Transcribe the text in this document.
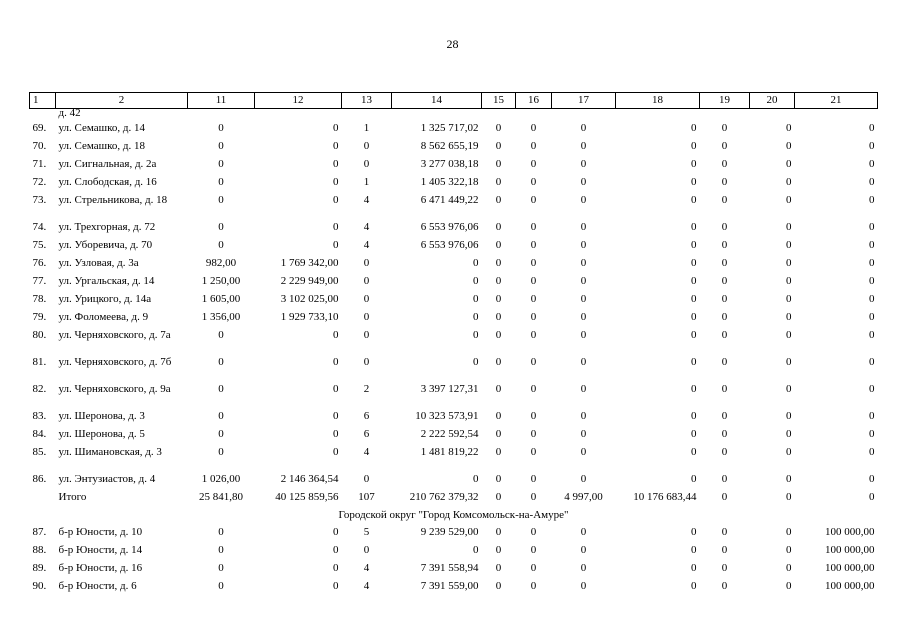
28
1	2	11	12	13	14	15	16	17	18	19	20	21
	д. 42											
69.	ул. Семашко, д. 14	0	0	1	1 325 717,02	0	0	0	0	0	0	0
70.	ул. Семашко, д. 18	0	0	0	8 562 655,19	0	0	0	0	0	0	0
71.	ул. Сигнальная, д. 2а	0	0	0	3 277 038,18	0	0	0	0	0	0	0
72.	ул. Слободская, д. 16	0	0	1	1 405 322,18	0	0	0	0	0	0	0
73.	ул. Стрельникова, д. 18	0	0	4	6 471 449,22	0	0	0	0	0	0	0
74.	ул. Трехгорная, д. 72	0	0	4	6 553 976,06	0	0	0	0	0	0	0
75.	ул. Уборевича, д. 70	0	0	4	6 553 976,06	0	0	0	0	0	0	0
76.	ул. Узловая, д. 3а	982,00	1 769 342,00	0	0	0	0	0	0	0	0	0
77.	ул. Ургальская, д. 14	1 250,00	2 229 949,00	0	0	0	0	0	0	0	0	0
78.	ул. Урицкого, д. 14а	1 605,00	3 102 025,00	0	0	0	0	0	0	0	0	0
79.	ул. Фоломеева, д. 9	1 356,00	1 929 733,10	0	0	0	0	0	0	0	0	0
80.	ул. Черняховского, д. 7а	0	0	0	0	0	0	0	0	0	0	0
81.	ул. Черняховского, д. 7б	0	0	0	0	0	0	0	0	0	0	0
82.	ул. Черняховского, д. 9а	0	0	2	3 397 127,31	0	0	0	0	0	0	0
83.	ул. Шеронова, д. 3	0	0	6	10 323 573,91	0	0	0	0	0	0	0
84.	ул. Шеронова, д. 5	0	0	6	2 222 592,54	0	0	0	0	0	0	0
85.	ул. Шимановская, д. 3	0	0	4	1 481 819,22	0	0	0	0	0	0	0
86.	ул. Энтузиастов, д. 4	1 026,00	2 146 364,54	0	0	0	0	0	0	0	0	0
	Итого	25 841,80	40 125 859,56	107	210 762 379,32	0	0	4 997,00	10 176 683,44	0	0	0
Городской округ "Город Комсомольск-на-Амуре"												
87.	б-р Юности, д. 10	0	0	5	9 239 529,00	0	0	0	0	0	0	100 000,00
88.	б-р Юности, д. 14	0	0	0	0	0	0	0	0	0	0	100 000,00
89.	б-р Юности, д. 16	0	0	4	7 391 558,94	0	0	0	0	0	0	100 000,00
90.	б-р Юности, д. 6	0	0	4	7 391 559,00	0	0	0	0	0	0	100 000,00
